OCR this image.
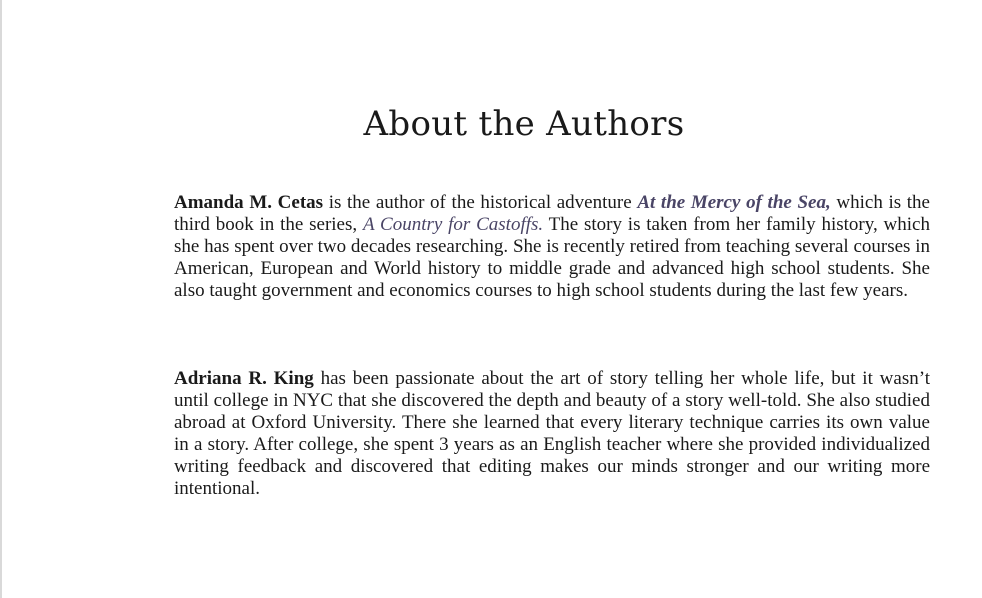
About the Authors

Amanda M. Cetas is the author of the historical adventure At the Mercy of the Sea, which is the third book in the series, A Country for Castoffs. The story is taken from her family history, which she has spent over two decades researching. She is recently retired from teaching several courses in American, European and World history to middle grade and advanced high school students. She also taught government and economics courses to high school students during the last few years.

Adriana R. King has been passionate about the art of story telling her whole life, but it wasn’t until college in NYC that she discovered the depth and beauty of a story well-told. She also studied abroad at Oxford University. There she learned that every literary technique carries its own value in a story. After college, she spent 3 years as an English teacher where she provided individualized writing feedback and discovered that editing makes our minds stronger and our writing more intentional.
